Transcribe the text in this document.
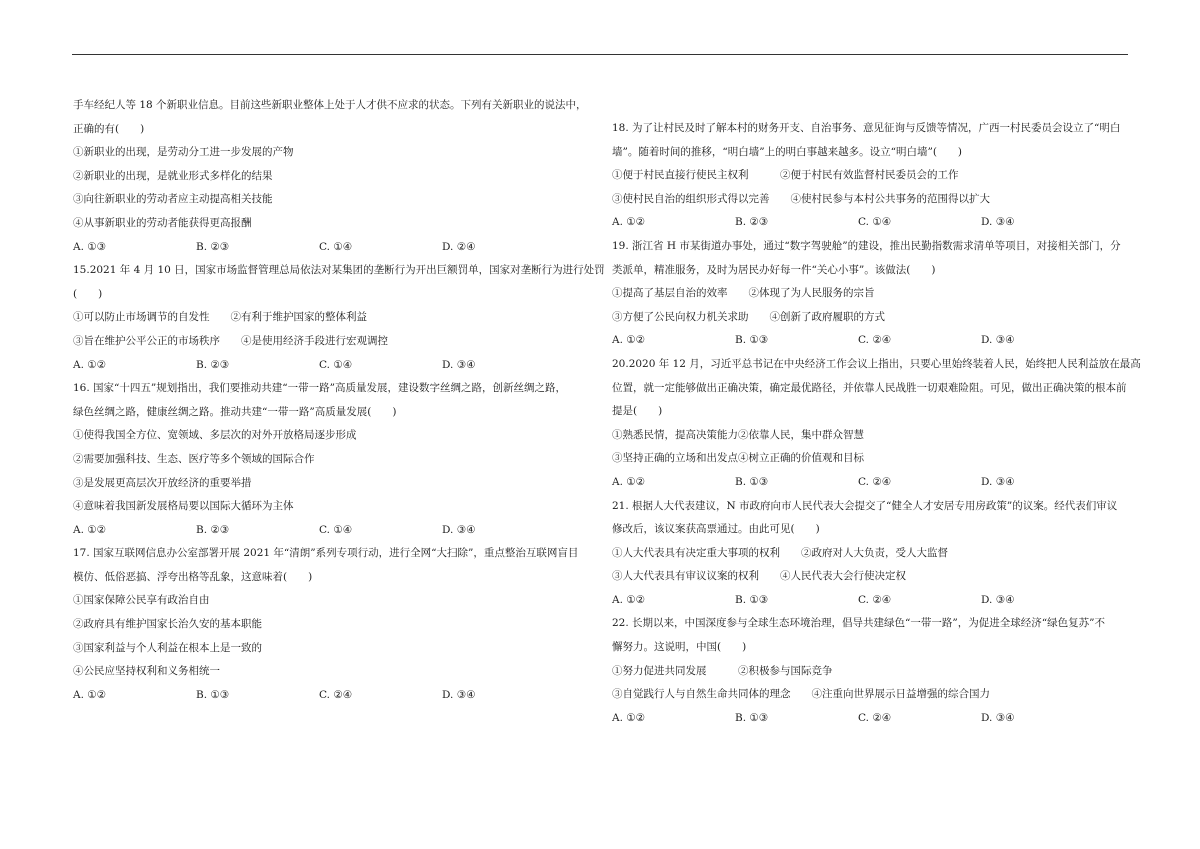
手车经纪人等 18 个新职业信息。目前这些新职业整体上处于人才供不应求的状态。下列有关新职业的说法中，
正确的有(　　)
①新职业的出现，是劳动分工进一步发展的产物
②新职业的出现，是就业形式多样化的结果
③向往新职业的劳动者应主动提高相关技能
④从事新职业的劳动者能获得更高报酬
A. ①③	B. ②③	C. ①④	D. ②④
15.2021 年 4 月 10 日，国家市场监督管理总局依法对某集团的垄断行为开出巨额罚单，国家对垄断行为进行处罚
(　　)
①可以防止市场调节的自发性　　②有利于维护国家的整体利益
③旨在维护公平公正的市场秩序　　④是使用经济手段进行宏观调控
A. ①②	B. ②③	C. ①④	D. ③④
16. 国家“十四五”规划指出，我们要推动共建“一带一路”高质量发展，建设数字丝绸之路，创新丝绸之路，
绿色丝绸之路，健康丝绸之路。推动共建“一带一路”高质量发展(　　)
①使得我国全方位、宽领域、多层次的对外开放格局逐步形成
②需要加强科技、生态、医疗等多个领域的国际合作
③是发展更高层次开放经济的重要举措
④意味着我国新发展格局要以国际大循环为主体
A. ①②	B. ②③	C. ①④	D. ③④
17. 国家互联网信息办公室部署开展 2021 年“清朗”系列专项行动，进行全网“大扫除”，重点整治互联网盲目
模仿、低俗恶搞、浮夸出格等乱象，这意味着(　　)
①国家保障公民享有政治自由
②政府具有维护国家长治久安的基本职能
③国家利益与个人利益在根本上是一致的
④公民应坚持权利和义务相统一
A. ①②	B. ①③	C. ②④	D. ③④
18. 为了让村民及时了解本村的财务开支、自治事务、意见征询与反馈等情况，广西一村民委员会设立了“明白
墙”。随着时间的推移，“明白墙”上的明白事越来越多。设立“明白墙”(　　)
①便于村民直接行使民主权利　　　②便于村民有效监督村民委员会的工作
③使村民自治的组织形式得以完善　　④使村民参与本村公共事务的范围得以扩大
A. ①②	B. ②③	C. ①④	D. ③④
19. 浙江省 H 市某街道办事处，通过“数字驾驶舱”的建设，推出民勤指数需求清单等项目，对接相关部门，分
类派单，精准服务，及时为居民办好每一件“关心小事”。该做法(　　)
①提高了基层自治的效率　　②体现了为人民服务的宗旨
③方便了公民向权力机关求助　　④创新了政府履职的方式
A. ①②	B. ①③	C. ②④	D. ③④
20.2020 年 12 月，习近平总书记在中央经济工作会议上指出，只要心里始终装着人民，始终把人民利益放在最高
位置，就一定能够做出正确决策，确定最优路径，并依靠人民战胜一切艰难险阻。可见，做出正确决策的根本前
提是(　　)
①熟悉民情，提高决策能力②依靠人民，集中群众智慧
③坚持正确的立场和出发点④树立正确的价值观和目标
A. ①②	B. ①③	C. ②④	D. ③④
21. 根据人大代表建议，N 市政府向市人民代表大会提交了“健全人才安居专用房政策”的议案。经代表们审议
修改后，该议案获高票通过。由此可见(　　)
①人大代表具有决定重大事项的权利　　②政府对人大负责，受人大监督
③人大代表具有审议议案的权利　　④人民代表大会行使决定权
A. ①②	B. ①③	C. ②④	D. ③④
22. 长期以来，中国深度参与全球生态环境治理，倡导共建绿色“一带一路”，为促进全球经济“绿色复苏”不
懈努力。这说明，中国(　　)
①努力促进共同发展　　　②积极参与国际竞争
③自觉践行人与自然生命共同体的理念　　④注重向世界展示日益增强的综合国力
A. ①②	B. ①③	C. ②④	D. ③④
